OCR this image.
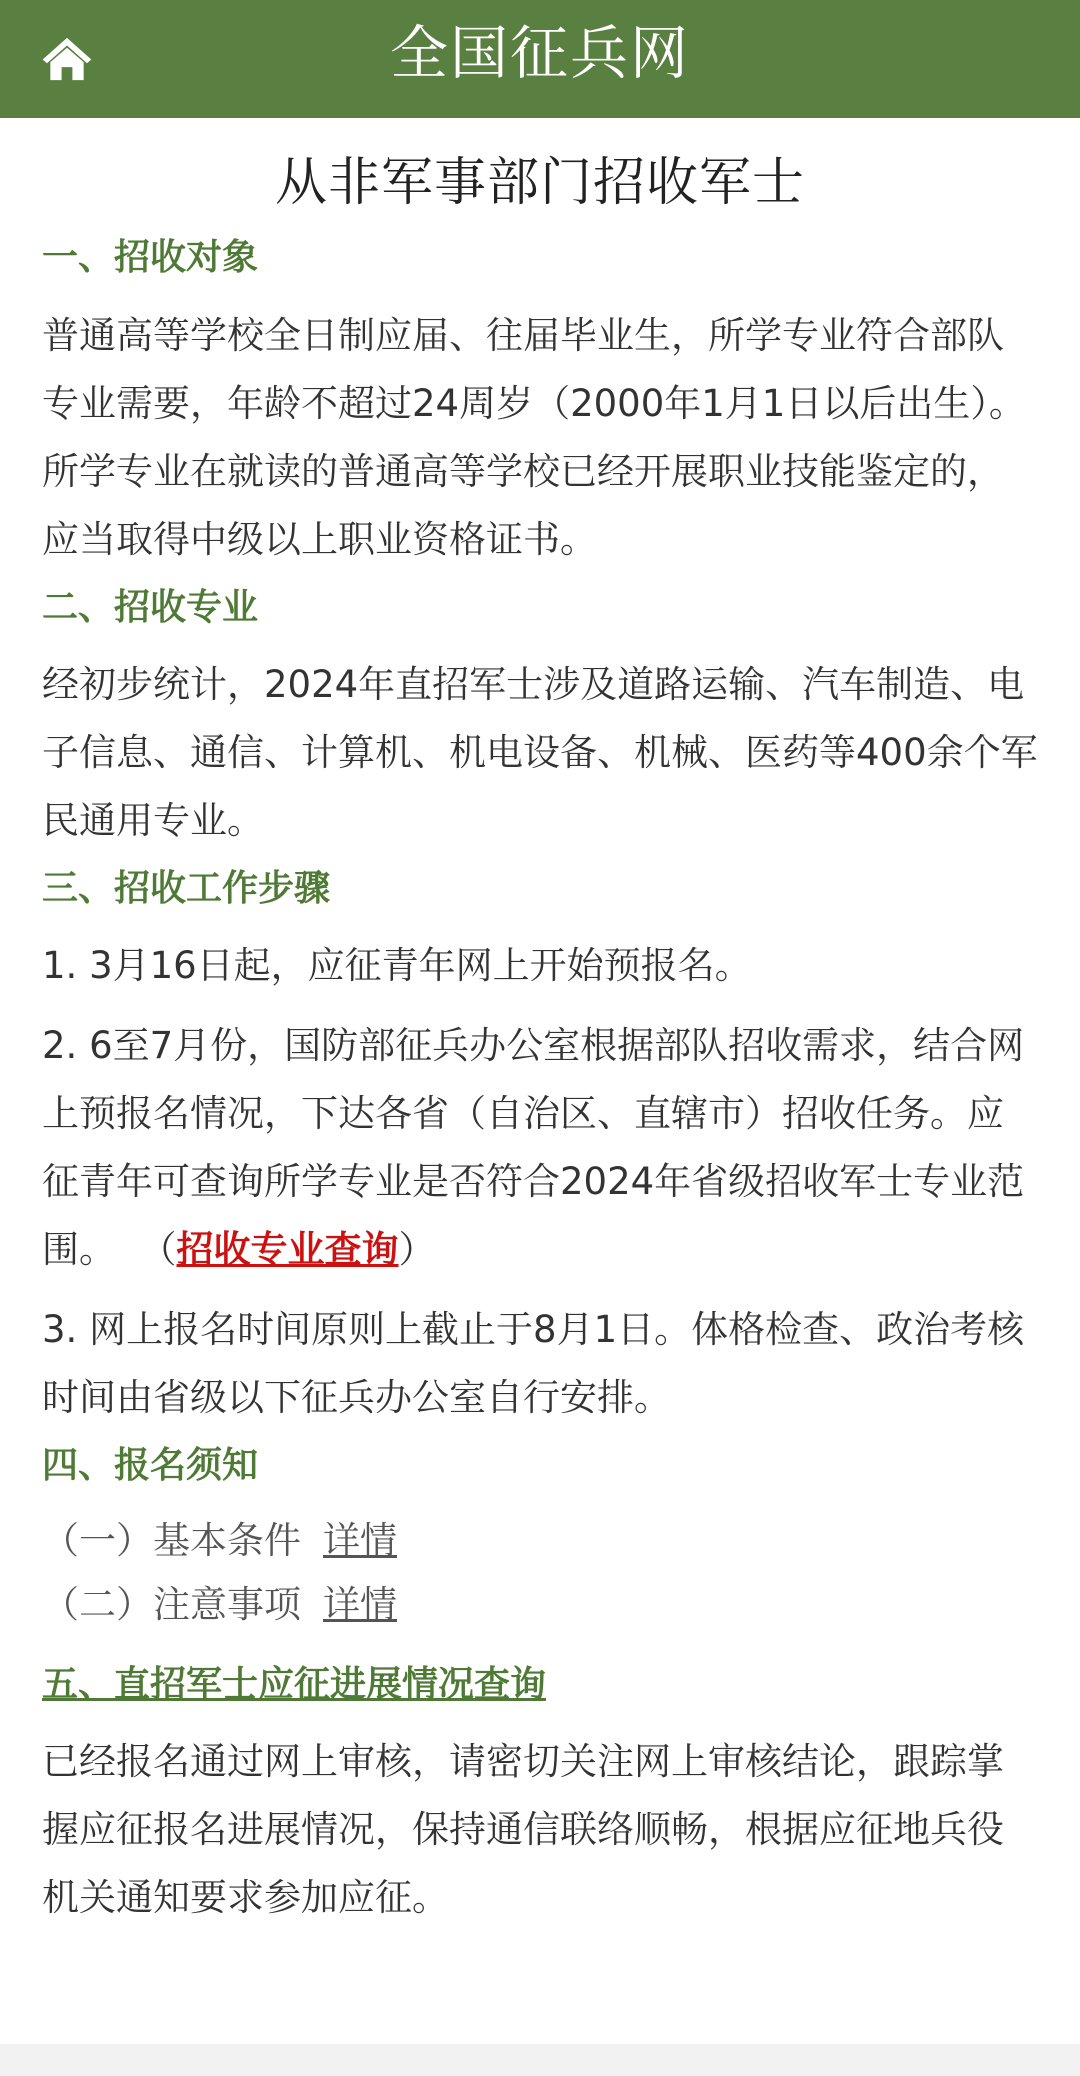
全国征兵网
从非军事部门招收军士
一、招收对象
普通高等学校全日制应届、往届毕业生，所学专业符合部队专业需要，年龄不超过24周岁（2000年1月1日以后出生）。所学专业在就读的普通高等学校已经开展职业技能鉴定的，应当取得中级以上职业资格证书。
二、招收专业
经初步统计，2024年直招军士涉及道路运输、汽车制造、电子信息、通信、计算机、机电设备、机械、医药等400余个军民通用专业。
三、招收工作步骤
1. 3月16日起，应征青年网上开始预报名。
2. 6至7月份，国防部征兵办公室根据部队招收需求，结合网上预报名情况，下达各省（自治区、直辖市）招收任务。应征青年可查询所学专业是否符合2024年省级招收军士专业范围。 （招收专业查询）
3. 网上报名时间原则上截止于8月1日。体格检查、政治考核时间由省级以下征兵办公室自行安排。
四、报名须知
（一）基本条件 详情
（二）注意事项 详情
五、直招军士应征进展情况查询
已经报名通过网上审核，请密切关注网上审核结论，跟踪掌握应征报名进展情况，保持通信联络顺畅，根据应征地兵役机关通知要求参加应征。
